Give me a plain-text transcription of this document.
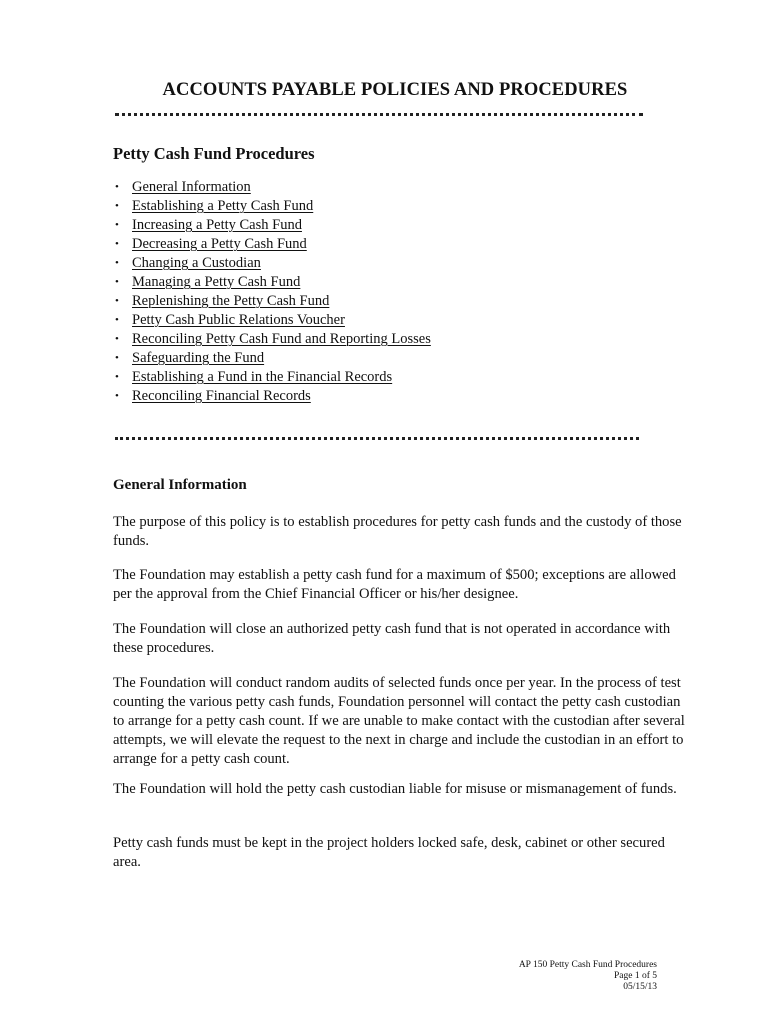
ACCOUNTS PAYABLE POLICIES AND PROCEDURES
Petty Cash Fund Procedures
• General Information
• Establishing a Petty Cash Fund
• Increasing a Petty Cash Fund
• Decreasing a Petty Cash Fund
• Changing a Custodian
• Managing a Petty Cash Fund
• Replenishing the Petty Cash Fund
• Petty Cash Public Relations Voucher
• Reconciling Petty Cash Fund and Reporting Losses
• Safeguarding the Fund
• Establishing a Fund in the Financial Records
• Reconciling Financial Records
General Information

The purpose of this policy is to establish procedures for petty cash funds and the custody of those funds.

The Foundation may establish a petty cash fund for a maximum of $500; exceptions are allowed per the approval from the Chief Financial Officer or his/her designee.

The Foundation will close an authorized petty cash fund that is not operated in accordance with these procedures.

The Foundation will conduct random audits of selected funds once per year. In the process of test counting the various petty cash funds, Foundation personnel will contact the petty cash custodian to arrange for a petty cash count. If we are unable to make contact with the custodian after several attempts, we will elevate the request to the next in charge and include the custodian in an effort to arrange for a petty cash count.

The Foundation will hold the petty cash custodian liable for misuse or mismanagement of funds.

Petty cash funds must be kept in the project holders locked safe, desk, cabinet or other secured area.

AP 150 Petty Cash Fund Procedures
Page 1 of 5
05/15/13
